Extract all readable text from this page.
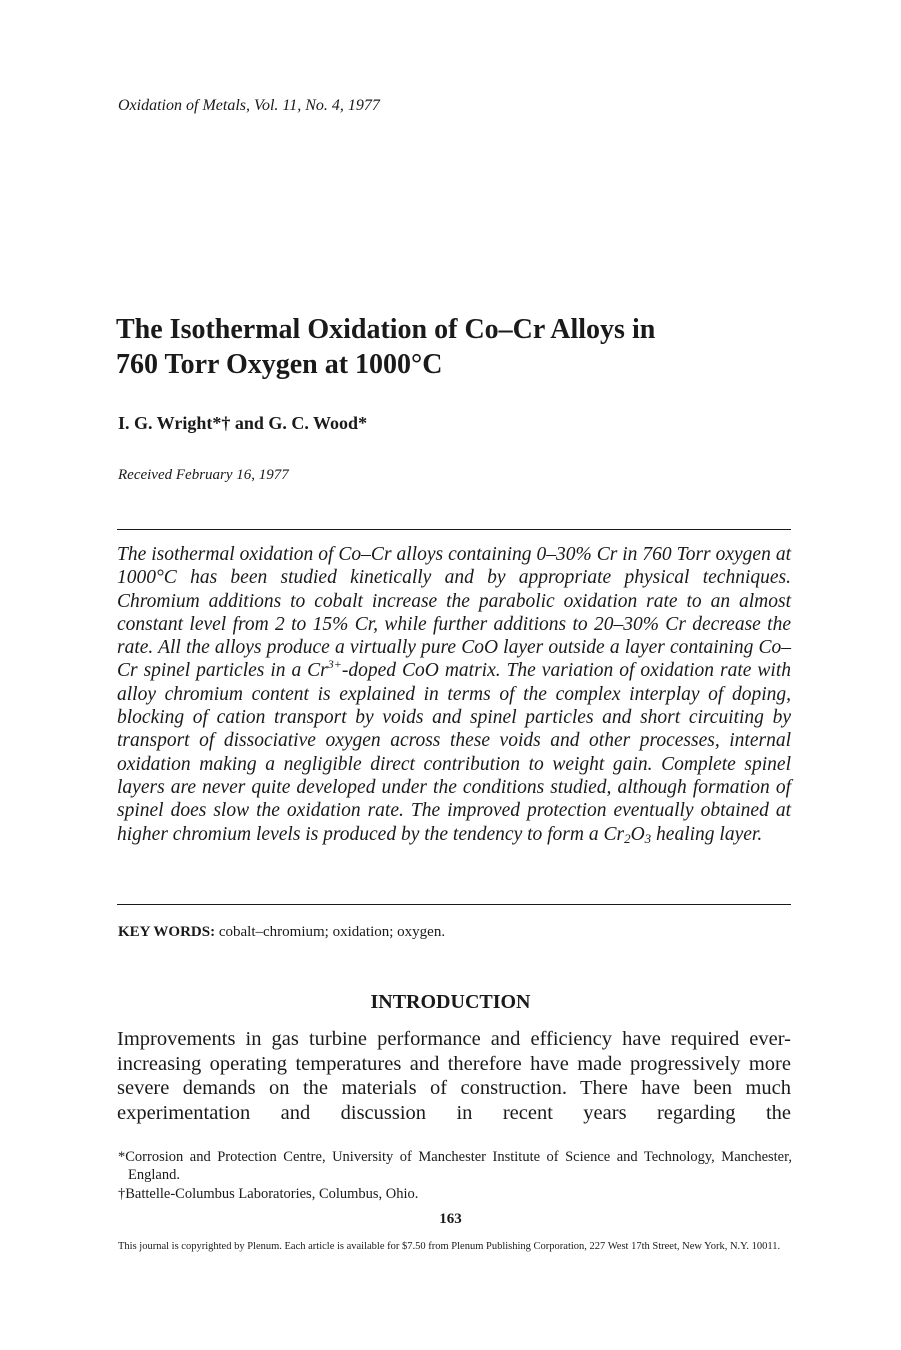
Oxidation of Metals, Vol. 11, No. 4, 1977
The Isothermal Oxidation of Co–Cr Alloys in
760 Torr Oxygen at 1000°C
I. G. Wright*† and G. C. Wood*
Received February 16, 1977

The isothermal oxidation of Co–Cr alloys containing 0–30% Cr in 760 Torr oxygen at 1000°C has been studied kinetically and by appropriate physical techniques. Chromium additions to cobalt increase the parabolic oxidation rate to an almost constant level from 2 to 15% Cr, while further additions to 20–30% Cr decrease the rate. All the alloys produce a virtually pure CoO layer outside a layer containing Co–Cr spinel particles in a $Cr^{3+}$-doped CoO matrix. The variation of oxidation rate with alloy chromium content is explained in terms of the complex interplay of doping, blocking of cation transport by voids and spinel particles and short circuiting by transport of dissociative oxygen across these voids and other processes, internal oxidation making a negligible direct contribution to weight gain. Complete spinel layers are never quite developed under the conditions studied, although formation of spinel does slow the oxidation rate. The improved protection eventually obtained at higher chromium levels is produced by the tendency to form a $Cr_2O_3$ healing layer.

KEY WORDS: cobalt–chromium; oxidation; oxygen.
INTRODUCTION

Improvements in gas turbine performance and efficiency have required ever-increasing operating temperatures and therefore have made progressively more severe demands on the materials of construction. There have been much experimentation and discussion in recent years regarding the

*Corrosion and Protection Centre, University of Manchester Institute of Science and Technology, Manchester, England.

†Battelle-Columbus Laboratories, Columbus, Ohio.

163

This journal is copyrighted by Plenum. Each article is available for $7.50 from Plenum Publishing Corporation, 227 West 17th Street, New York, N.Y. 10011.
